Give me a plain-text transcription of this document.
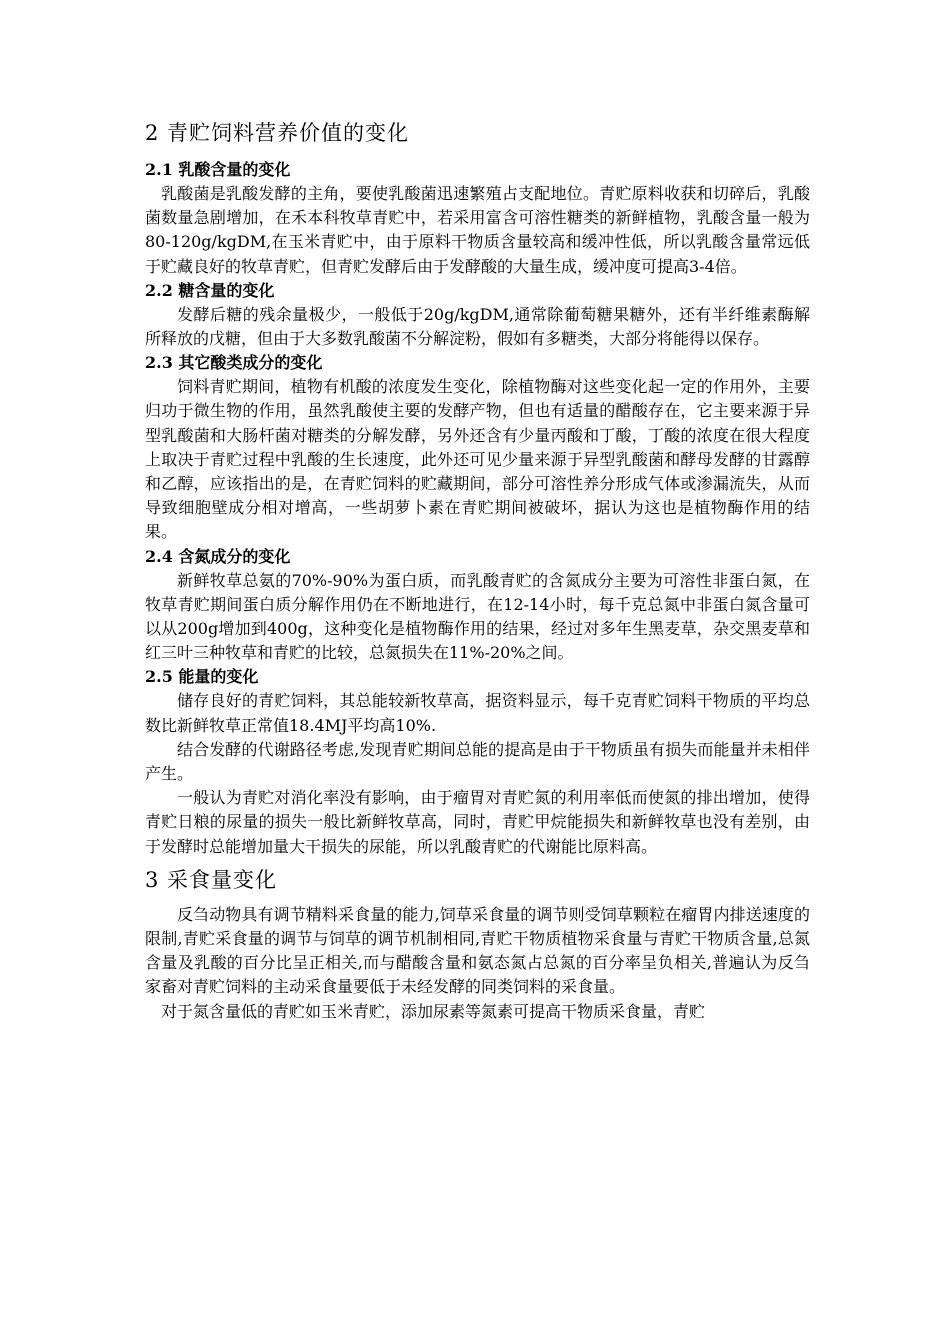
2 青贮饲料营养价值的变化
2.1 乳酸含量的变化

乳酸菌是乳酸发酵的主角，要使乳酸菌迅速繁殖占支配地位。青贮原料收获和切碎后，乳酸菌数量急剧增加，在禾本科牧草青贮中，若采用富含可溶性糖类的新鲜植物，乳酸含量一般为80-120g/kgDM,在玉米青贮中，由于原料干物质含量较高和缓冲性低，所以乳酸含量常远低于贮藏良好的牧草青贮，但青贮发酵后由于发酵酸的大量生成，缓冲度可提高3-4倍。

2.2 糖含量的变化

发酵后糖的残余量极少，一般低于20g/kgDM,通常除葡萄糖果糖外，还有半纤维素酶解所释放的戊糖，但由于大多数乳酸菌不分解淀粉，假如有多糖类，大部分将能得以保存。

2.3 其它酸类成分的变化

饲料青贮期间，植物有机酸的浓度发生变化，除植物酶对这些变化起一定的作用外，主要归功于微生物的作用，虽然乳酸使主要的发酵产物，但也有适量的醋酸存在，它主要来源于异型乳酸菌和大肠杆菌对糖类的分解发酵，另外还含有少量丙酸和丁酸，丁酸的浓度在很大程度上取决于青贮过程中乳酸的生长速度，此外还可见少量来源于异型乳酸菌和酵母发酵的甘露醇和乙醇，应该指出的是，在青贮饲料的贮藏期间，部分可溶性养分形成气体或渗漏流失，从而导致细胞壁成分相对增高，一些胡萝卜素在青贮期间被破坏，据认为这也是植物酶作用的结果。

2.4 含氮成分的变化

新鲜牧草总氨的70%-90%为蛋白质，而乳酸青贮的含氮成分主要为可溶性非蛋白氮，在牧草青贮期间蛋白质分解作用仍在不断地进行，在12-14小时，每千克总氮中非蛋白氮含量可以从200g增加到400g，这种变化是植物酶作用的结果，经过对多年生黑麦草，杂交黑麦草和红三叶三种牧草和青贮的比较，总氮损失在11%-20%之间。

2.5 能量的变化

储存良好的青贮饲料，其总能较新牧草高，据资料显示，每千克青贮饲料干物质的平均总数比新鲜牧草正常值18.4MJ平均高10%.

结合发酵的代谢路径考虑,发现青贮期间总能的提高是由于干物质虽有损失而能量并未相伴产生。

一般认为青贮对消化率没有影响，由于瘤胃对青贮氮的利用率低而使氮的排出增加，使得青贮日粮的尿量的损失一般比新鲜牧草高，同时，青贮甲烷能损失和新鲜牧草也没有差别，由于发酵时总能增加量大干损失的尿能，所以乳酸青贮的代谢能比原料高。

3 采食量变化

反刍动物具有调节精料采食量的能力,饲草采食量的调节则受饲草颗粒在瘤胃内排送速度的限制,青贮采食量的调节与饲草的调节机制相同,青贮干物质植物采食量与青贮干物质含量,总氮含量及乳酸的百分比呈正相关,而与醋酸含量和氨态氮占总氮的百分率呈负相关,普遍认为反刍家畜对青贮饲料的主动采食量要低于未经发酵的同类饲料的采食量。

对于氮含量低的青贮如玉米青贮，添加尿素等氮素可提高干物质采食量，青贮
